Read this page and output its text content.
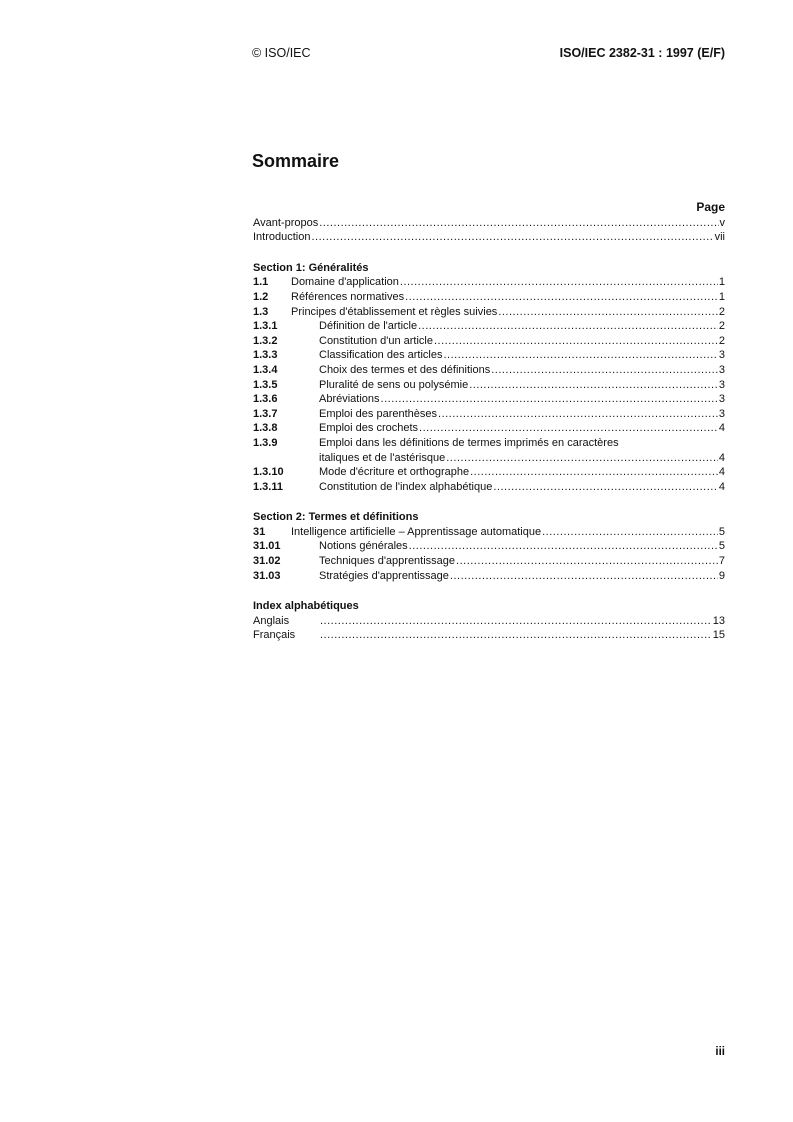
© ISO/IEC	ISO/IEC 2382-31 : 1997 (E/F)
Sommaire
Page
Avant-propos .....	v
Introduction .....	vii
Section 1: Généralités
1.1	Domaine d'application .....	1
1.2	Références normatives .....	1
1.3	Principes d'établissement et règles suivies .....	2
1.3.1	Définition de l'article .....	2
1.3.2	Constitution d'un article .....	2
1.3.3	Classification des articles .....	3
1.3.4	Choix des termes et des définitions .....	3
1.3.5	Pluralité de sens ou polysémie .....	3
1.3.6	Abréviations .....	3
1.3.7	Emploi des parenthèses .....	3
1.3.8	Emploi des crochets .....	4
1.3.9	Emploi dans les définitions de termes imprimés en caractères
italiques et de l'astérisque .....	4
1.3.10	Mode d'écriture et orthographe .....	4
1.3.11	Constitution de l'index alphabétique .....	4
Section 2: Termes et définitions
31	Intelligence artificielle – Apprentissage automatique .....	5
31.01	Notions générales .....	5
31.02	Techniques d'apprentissage .....	7
31.03	Stratégies d'apprentissage .....	9
Index alphabétiques
Anglais .....	13
Français .....	15
iii
